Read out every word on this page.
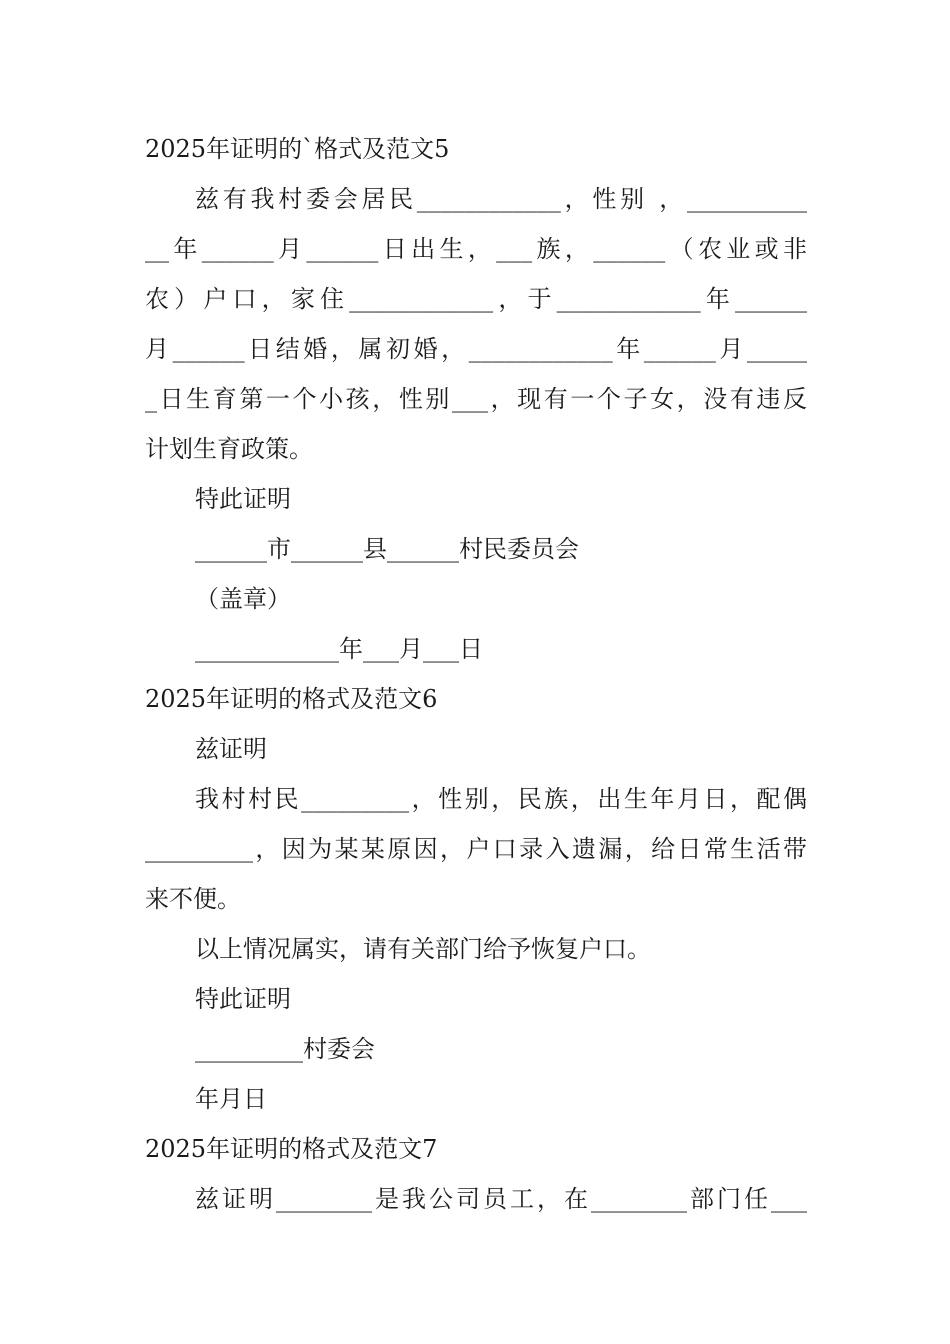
2025年证明的`格式及范文5
兹有我村委会居民____________，性别 ，__________
__年______月______日出生，___族，______（农业或非
农）户口，家住____________，于____________年______
月______日结婚，属初婚，____________年______月_____
_日生育第一个小孩，性别___，现有一个子女，没有违反
计划生育政策。
特此证明
______市______县______村民委员会
（盖章）
____________年___月___日
2025年证明的格式及范文6
兹证明
我村村民_________，性别，民族，出生年月日，配偶
_________，因为某某原因，户口录入遗漏，给日常生活带
来不便。
以上情况属实，请有关部门给予恢复户口。
特此证明
_________村委会
年月日
2025年证明的格式及范文7
兹证明________是我公司员工，在________部门任___
